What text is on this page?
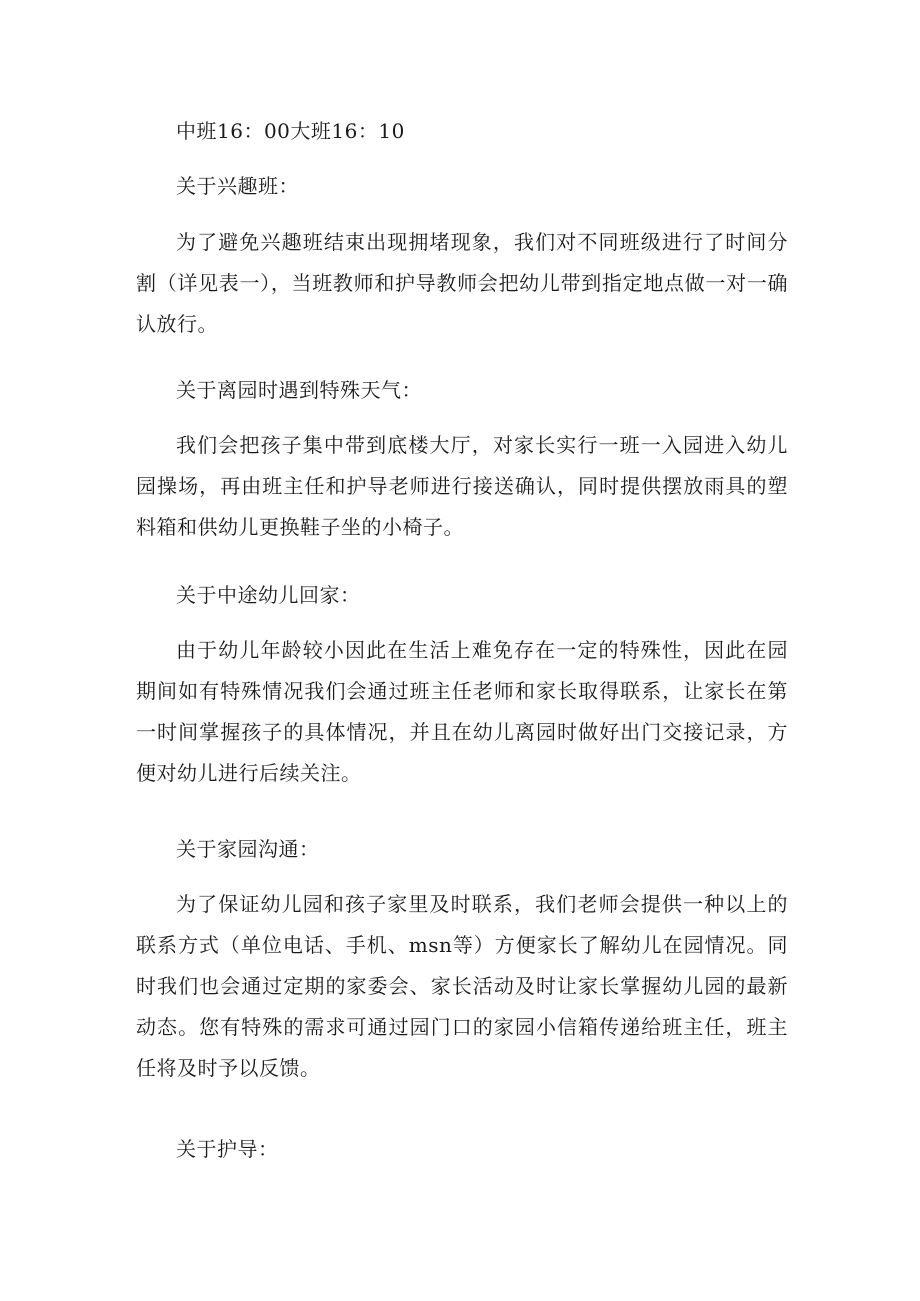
中班16：00大班16：10

关于兴趣班：

为了避免兴趣班结束出现拥堵现象，我们对不同班级进行了时间分割（详见表一），当班教师和护导教师会把幼儿带到指定地点做一对一确认放行。

关于离园时遇到特殊天气：

我们会把孩子集中带到底楼大厅，对家长实行一班一入园进入幼儿园操场，再由班主任和护导老师进行接送确认，同时提供摆放雨具的塑料箱和供幼儿更换鞋子坐的小椅子。

关于中途幼儿回家：

由于幼儿年龄较小因此在生活上难免存在一定的特殊性，因此在园期间如有特殊情况我们会通过班主任老师和家长取得联系，让家长在第一时间掌握孩子的具体情况，并且在幼儿离园时做好出门交接记录，方便对幼儿进行后续关注。

关于家园沟通：

为了保证幼儿园和孩子家里及时联系，我们老师会提供一种以上的联系方式（单位电话、手机、msn等）方便家长了解幼儿在园情况。同时我们也会通过定期的家委会、家长活动及时让家长掌握幼儿园的最新动态。您有特殊的需求可通过园门口的家园小信箱传递给班主任，班主任将及时予以反馈。

关于护导：
